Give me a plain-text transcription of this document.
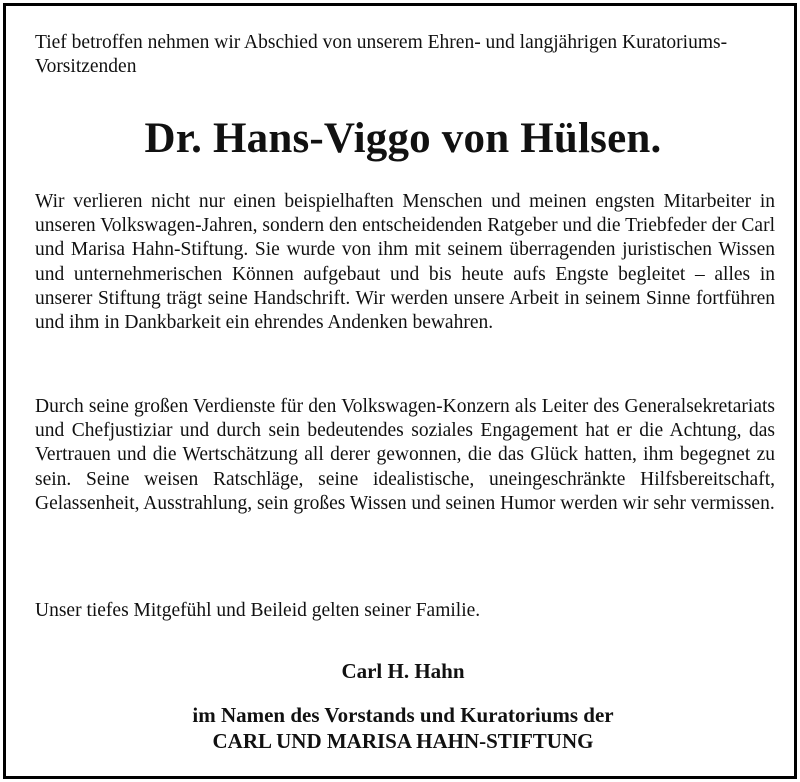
Tief betroffen nehmen wir Abschied von unserem Ehren- und langjährigen Kuratoriums-Vorsitzenden

Dr. Hans-Viggo von Hülsen.

Wir verlieren nicht nur einen beispielhaften Menschen und meinen engsten Mitarbeiter in unseren Volkswagen-Jahren, sondern den entscheidenden Ratgeber und die Triebfeder der Carl und Marisa Hahn-Stiftung. Sie wurde von ihm mit seinem überragenden juristischen Wissen und unternehmerischen Können aufgebaut und bis heute aufs Engste begleitet – alles in unserer Stiftung trägt seine Handschrift. Wir werden unsere Arbeit in seinem Sinne fortführen und ihm in Dankbarkeit ein ehrendes Andenken bewahren.

Durch seine großen Verdienste für den Volkswagen-Konzern als Leiter des Generalsekretariats und Chefjustiziar und durch sein bedeutendes soziales Engagement hat er die Achtung, das Vertrauen und die Wertschätzung all derer gewonnen, die das Glück hatten, ihm begegnet zu sein. Seine weisen Ratschläge, seine idealistische, uneingeschränkte Hilfsbereitschaft, Gelassenheit, Ausstrahlung, sein großes Wissen und seinen Humor werden wir sehr vermissen.

Unser tiefes Mitgefühl und Beileid gelten seiner Familie.

Carl H. Hahn

im Namen des Vorstands und Kuratoriums der

CARL UND MARISA HAHN-STIFTUNG
